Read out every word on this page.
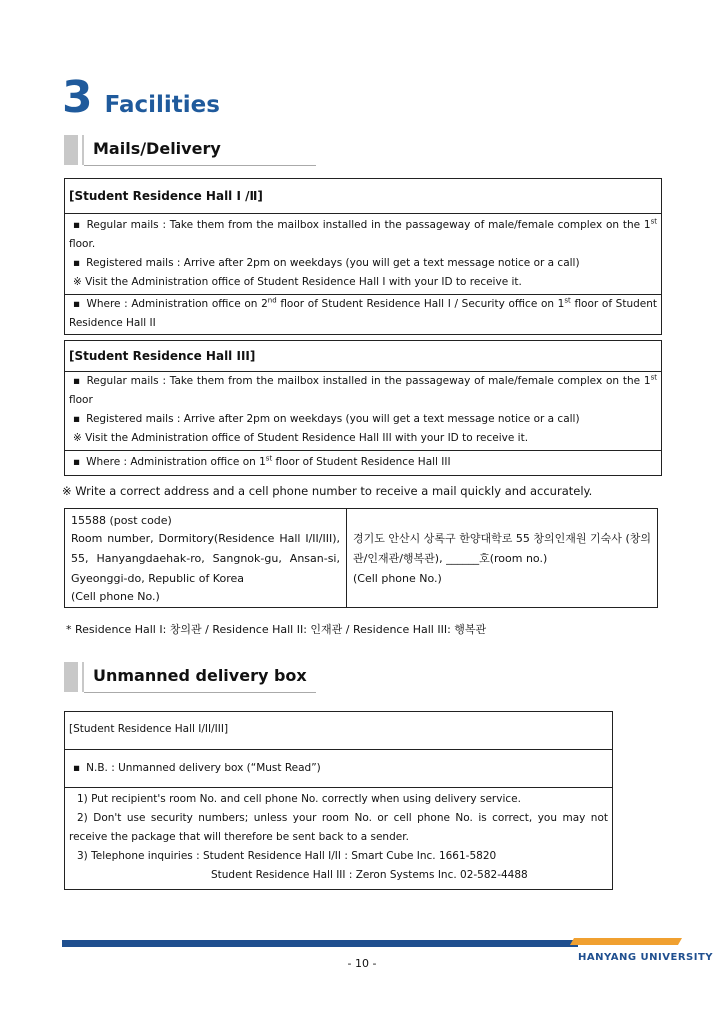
3 Facilities
Mails/Delivery
[Student Residence Hall Ⅰ /Ⅱ]
▪ Regular mails : Take them from the mailbox installed in the passageway of male/female complex on the 1st floor.
▪ Registered mails : Arrive after 2pm on weekdays (you will get a text message notice or a call)
※ Visit the Administration office of Student Residence Hall I with your ID to receive it.
▪ Where : Administration office on 2nd floor of Student Residence Hall I / Security office on 1st floor of Student Residence Hall II
[Student Residence Hall III]
▪ Regular mails : Take them from the mailbox installed in the passageway of male/female complex on the 1st floor
▪ Registered mails : Arrive after 2pm on weekdays (you will get a text message notice or a call)
※ Visit the Administration office of Student Residence Hall III with your ID to receive it.
▪ Where : Administration office on 1st floor of Student Residence Hall III
※ Write a correct address and a cell phone number to receive a mail quickly and accurately.
15588 (post code)
Room number, Dormitory(Residence Hall I/II/III), 55, Hanyangdaehak-ro, Sangnok-gu, Ansan-si, Gyeonggi-do, Republic of Korea
(Cell phone No.)
경기도 안산시 상록구 한양대학로 55 창의인재원 기숙사 (창의관/인재관/행복관), ______호(room no.)
(Cell phone No.)
* Residence Hall I: 창의관 / Residence Hall II: 인재관 / Residence Hall III: 행복관
Unmanned delivery box
[Student Residence Hall I/II/III]
▪ N.B. : Unmanned delivery box (“Must Read”)
1) Put recipient's room No. and cell phone No. correctly when using delivery service.
2) Don't use security numbers; unless your room No. or cell phone No. is correct, you may not receive the package that will therefore be sent back to a sender.
3) Telephone inquiries : Student Residence Hall I/II : Smart Cube Inc. 1661-5820
Student Residence Hall III : Zeron Systems Inc. 02-582-4488
HANYANG UNIVERSITY
- 10 -
